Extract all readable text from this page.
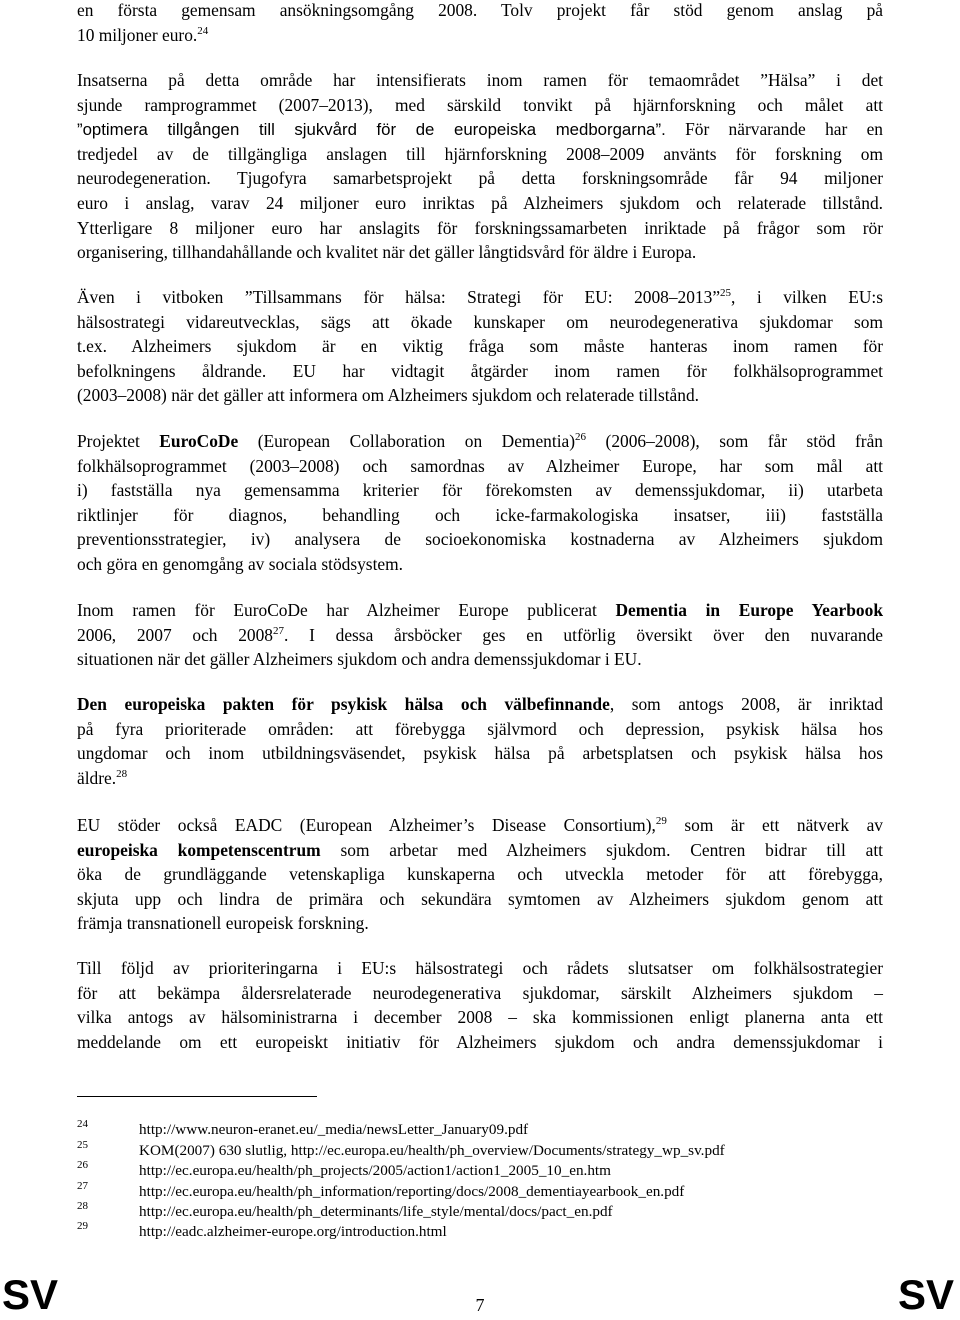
en första gemensam ansökningsomgång 2008. Tolv projekt får stöd genom anslag på
10 miljoner euro.$^{24}$
Insatserna på detta område har intensifierats inom ramen för temaområdet ”Hälsa” i det
sjunde ramprogrammet (2007–2013), med särskild tonvikt på hjärnforskning och målet att
”optimera tillgången till sjukvård för de europeiska medborgarna”. För närvarande har en
tredjedel av de tillgängliga anslagen till hjärnforskning 2008–2009 använts för forskning om
neurodegeneration. Tjugofyra samarbetsprojekt på detta forskningsområde får 94 miljoner
euro i anslag, varav 24 miljoner euro inriktas på Alzheimers sjukdom och relaterade tillstånd.
Ytterligare 8 miljoner euro har anslagits för forskningssamarbeten inriktade på frågor som rör
organisering, tillhandahållande och kvalitet när det gäller långtidsvård för äldre i Europa.
Även i vitboken ”Tillsammans för hälsa: Strategi för EU: 2008–2013”$^{25}$, i vilken EU:s
hälsostrategi vidareutvecklas, sägs att ökade kunskaper om neurodegenerativa sjukdomar som
t.ex. Alzheimers sjukdom är en viktig fråga som måste hanteras inom ramen för
befolkningens åldrande. EU har vidtagit åtgärder inom ramen för folkhälsoprogrammet
(2003–2008) när det gäller att informera om Alzheimers sjukdom och relaterade tillstånd.
Projektet EuroCoDe (European Collaboration on Dementia)$^{26}$ (2006–2008), som får stöd från
folkhälsoprogrammet (2003–2008) och samordnas av Alzheimer Europe, har som mål att
i) fastställa nya gemensamma kriterier för förekomsten av demenssjukdomar, ii) utarbeta
riktlinjer för diagnos, behandling och icke-farmakologiska insatser, iii) fastställa
preventionsstrategier, iv) analysera de socioekonomiska kostnaderna av Alzheimers sjukdom
och göra en genomgång av sociala stödsystem.
Inom ramen för EuroCoDe har Alzheimer Europe publicerat Dementia in Europe Yearbook
2006, 2007 och 2008$^{27}$. I dessa årsböcker ges en utförlig översikt över den nuvarande
situationen när det gäller Alzheimers sjukdom och andra demenssjukdomar i EU.
Den europeiska pakten för psykisk hälsa och välbefinnande, som antogs 2008, är inriktad
på fyra prioriterade områden: att förebygga självmord och depression, psykisk hälsa hos
ungdomar och inom utbildningsväsendet, psykisk hälsa på arbetsplatsen och psykisk hälsa hos
äldre.$^{28}$
EU stöder också EADC (European Alzheimer’s Disease Consortium),$^{29}$ som är ett nätverk av
europeiska kompetenscentrum som arbetar med Alzheimers sjukdom. Centren bidrar till att
öka de grundläggande vetenskapliga kunskaperna och utveckla metoder för att förebygga,
skjuta upp och lindra de primära och sekundära symtomen av Alzheimers sjukdom genom att
främja transnationell europeisk forskning.
Till följd av prioriteringarna i EU:s hälsostrategi och rådets slutsatser om folkhälsostrategier
för att bekämpa åldersrelaterade neurodegenerativa sjukdomar, särskilt Alzheimers sjukdom –
vilka antogs av hälsoministrarna i december 2008 – ska kommissionen enligt planerna anta ett
meddelande om ett europeiskt initiativ för Alzheimers sjukdom och andra demenssjukdomar i
24	http://www.neuron-eranet.eu/_media/newsLetter_January09.pdf
25	KOM(2007) 630 slutlig, http://ec.europa.eu/health/ph_overview/Documents/strategy_wp_sv.pdf
26	http://ec.europa.eu/health/ph_projects/2005/action1/action1_2005_10_en.htm
27	http://ec.europa.eu/health/ph_information/reporting/docs/2008_dementiayearbook_en.pdf
28	http://ec.europa.eu/health/ph_determinants/life_style/mental/docs/pact_en.pdf
29	http://eadc.alzheimer-europe.org/introduction.html
SV	7	SV
